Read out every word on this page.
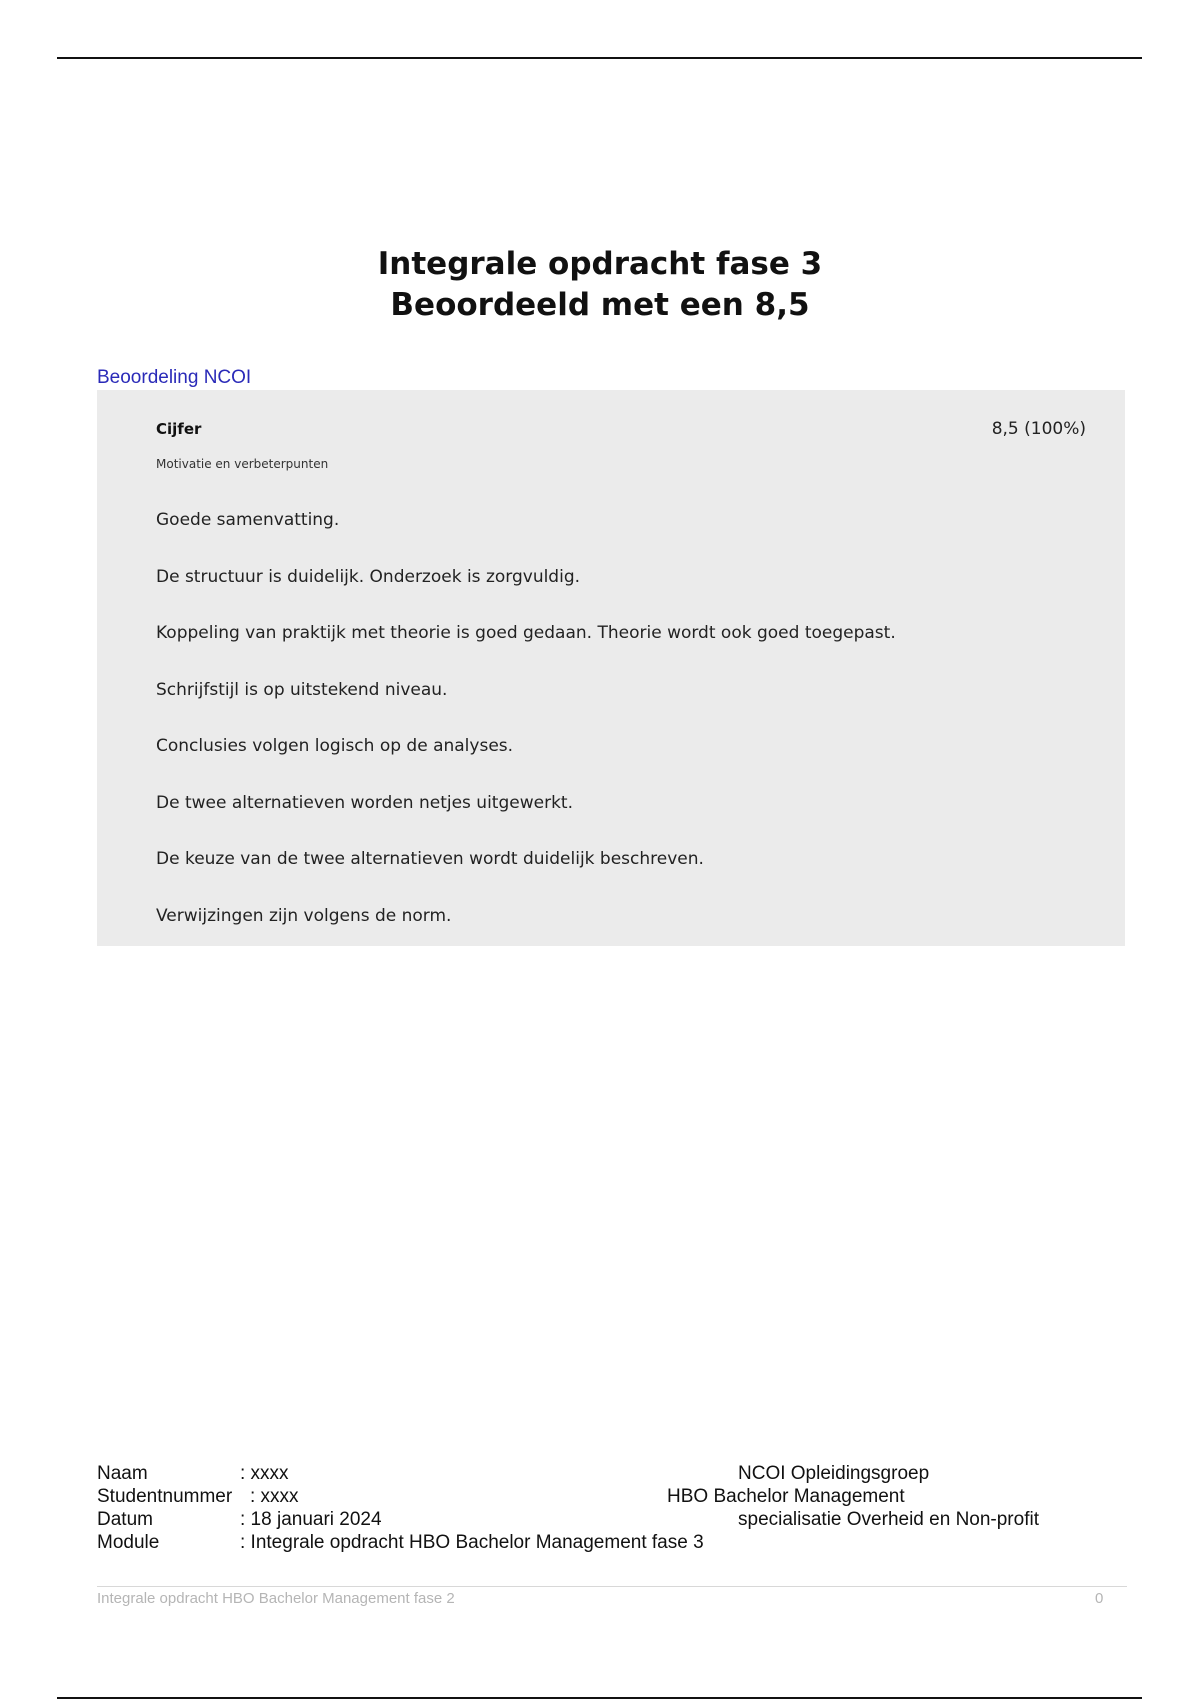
Integrale opdracht fase 3
Beoordeeld met een 8,5
Beoordeling NCOI
Cijfer	8,5 (100%)
Motivatie en verbeterpunten
Goede samenvatting.
De structuur is duidelijk. Onderzoek is zorgvuldig.
Koppeling van praktijk met theorie is goed gedaan. Theorie wordt ook goed toegepast.
Schrijfstijl is op uitstekend niveau.
Conclusies volgen logisch op de analyses.
De twee alternatieven worden netjes uitgewerkt.
De keuze van de twee alternatieven wordt duidelijk beschreven.
Verwijzingen zijn volgens de norm.
Naam	: xxxx	NCOI Opleidingsgroep
Studentnummer : xxxx	HBO Bachelor Management
Datum	: 18 januari 2024	specialisatie Overheid en Non-profit
Module	: Integrale opdracht HBO Bachelor Management fase 3
Integrale opdracht HBO Bachelor Management fase 2	0
